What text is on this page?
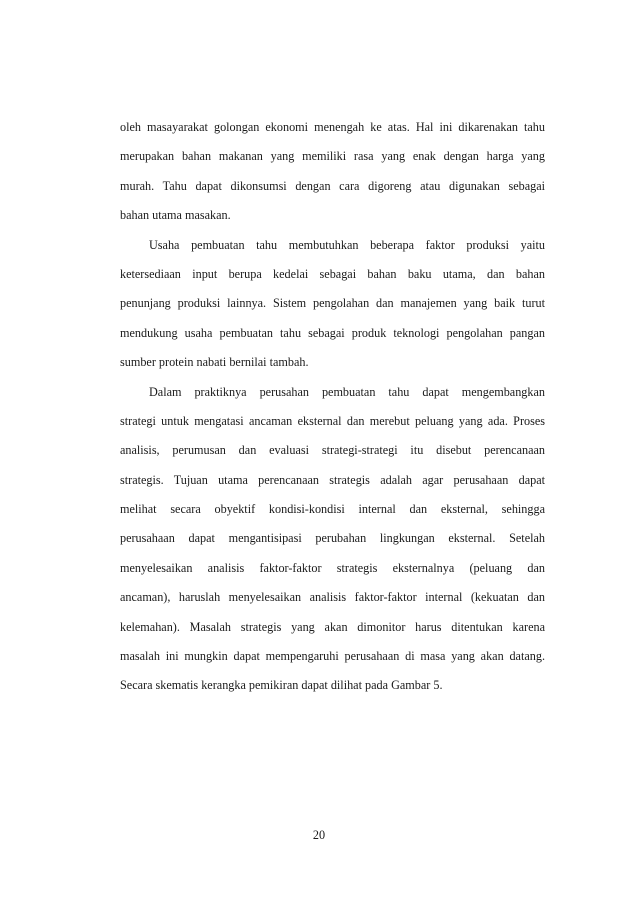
oleh masayarakat golongan ekonomi menengah ke atas. Hal ini dikarenakan tahu
merupakan bahan makanan yang memiliki rasa yang enak dengan harga yang
murah. Tahu dapat dikonsumsi dengan cara digoreng atau digunakan sebagai
bahan utama masakan.
Usaha pembuatan tahu membutuhkan beberapa faktor produksi yaitu
ketersediaan input berupa kedelai sebagai bahan baku utama, dan bahan
penunjang produksi lainnya. Sistem pengolahan dan manajemen yang baik turut
mendukung usaha pembuatan tahu sebagai produk teknologi pengolahan pangan
sumber protein nabati bernilai tambah.
Dalam praktiknya perusahan pembuatan tahu dapat mengembangkan
strategi untuk mengatasi ancaman eksternal dan merebut peluang yang ada. Proses
analisis, perumusan dan evaluasi strategi-strategi itu disebut perencanaan
strategis. Tujuan utama perencanaan strategis adalah agar perusahaan dapat
melihat secara obyektif kondisi-kondisi internal dan eksternal, sehingga
perusahaan dapat mengantisipasi perubahan lingkungan eksternal. Setelah
menyelesaikan analisis faktor-faktor strategis eksternalnya (peluang dan
ancaman), haruslah menyelesaikan analisis faktor-faktor internal (kekuatan dan
kelemahan). Masalah strategis yang akan dimonitor harus ditentukan karena
masalah ini mungkin dapat mempengaruhi perusahaan di masa yang akan datang.
Secara skematis kerangka pemikiran dapat dilihat pada Gambar 5.
20
